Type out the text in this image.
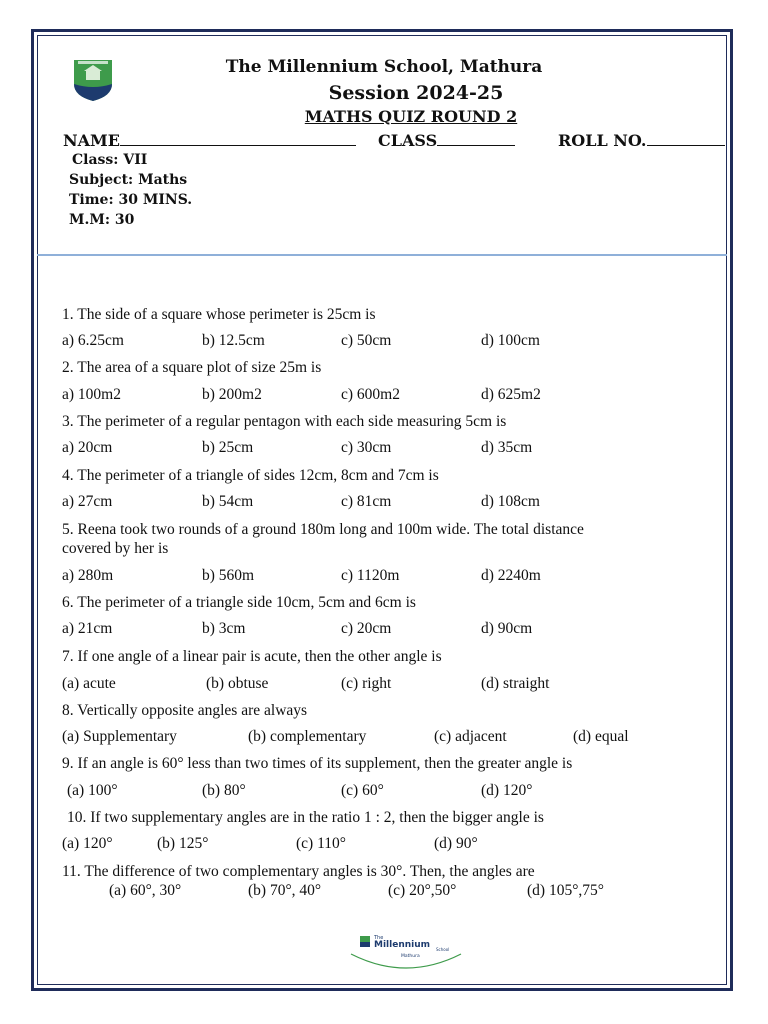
The Millennium School, Mathura
Session 2024-25
MATHS QUIZ ROUND 2
NAME	CLASS	ROLL NO.
Class: VII
Subject: Maths
Time: 30 MINS.
M.M: 30
1. The side of a square whose perimeter is 25cm is
a) 6.25cm	b) 12.5cm	c) 50cm	d) 100cm
2. The area of a square plot of size 25m is
a) 100m2	b) 200m2	c) 600m2	d) 625m2
3. The perimeter of a regular pentagon with each side measuring 5cm is
a) 20cm	b) 25cm	c) 30cm	d) 35cm
4. The perimeter of a triangle of sides 12cm, 8cm and 7cm is
a) 27cm	b) 54cm	c) 81cm	d) 108cm
5. Reena took two rounds of a ground 180m long and 100m wide. The total distance
covered by her is
a) 280m	b) 560m	c) 1120m	d) 2240m
6. The perimeter of a triangle side 10cm, 5cm and 6cm is
a) 21cm	b) 3cm	c) 20cm	d) 90cm
7. If one angle of a linear pair is acute, then the other angle is
(a) acute	(b) obtuse	(c) right	(d) straight
8. Vertically opposite angles are always
(a) Supplementary	(b) complementary	(c) adjacent	(d) equal
9. If an angle is 60° less than two times of its supplement, then the greater angle is
(a) 100°	(b) 80°	(c) 60°	(d) 120°
10. If two supplementary angles are in the ratio 1 : 2, then the bigger angle is
(a) 120°	(b) 125°	(c) 110°	(d) 90°
11. The difference of two complementary angles is 30°. Then, the angles are
(a) 60°, 30°	(b) 70°, 40°	(c) 20°,50°	(d) 105°,75°
The
Millennium School
Mathura
